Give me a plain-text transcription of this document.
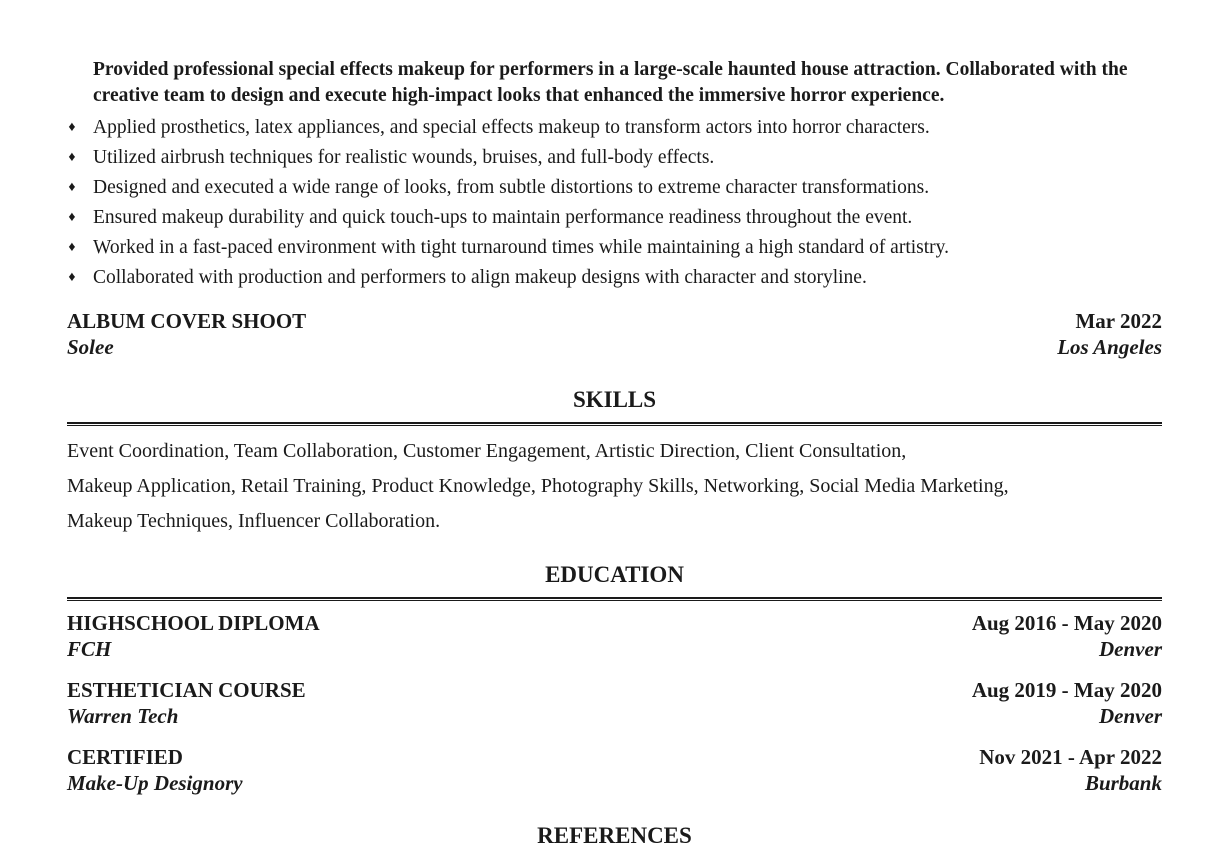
Provided professional special effects makeup for performers in a large-scale haunted house attraction. Collaborated with the creative team to design and execute high-impact looks that enhanced the immersive horror experience.
♦ Applied prosthetics, latex appliances, and special effects makeup to transform actors into horror characters.
♦ Utilized airbrush techniques for realistic wounds, bruises, and full-body effects.
♦ Designed and executed a wide range of looks, from subtle distortions to extreme character transformations.
♦ Ensured makeup durability and quick touch-ups to maintain performance readiness throughout the event.
♦ Worked in a fast-paced environment with tight turnaround times while maintaining a high standard of artistry.
♦ Collaborated with production and performers to align makeup designs with character and storyline.
ALBUM COVER SHOOT	Mar 2022
Solee	Los Angeles
SKILLS
Event Coordination, Team Collaboration, Customer Engagement, Artistic Direction, Client Consultation,
Makeup Application, Retail Training, Product Knowledge, Photography Skills, Networking, Social Media Marketing,
Makeup Techniques, Influencer Collaboration.
EDUCATION
HIGHSCHOOL DIPLOMA	Aug 2016 - May 2020
FCH	Denver
ESTHETICIAN COURSE	Aug 2019 - May 2020
Warren Tech	Denver
CERTIFIED	Nov 2021 - Apr 2022
Make-Up Designory	Burbank
REFERENCES
